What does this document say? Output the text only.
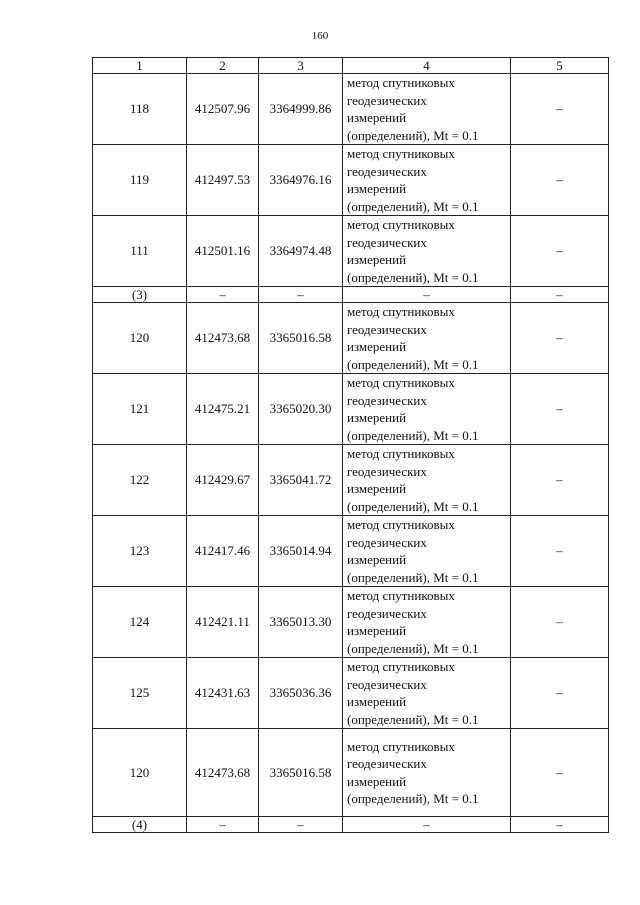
160
1	2	3	4	5
118	412507.96	3364999.86	метод спутниковых
геодезических
измерений
(определений), Mt = 0.1	–
119	412497.53	3364976.16	метод спутниковых
геодезических
измерений
(определений), Mt = 0.1	–
111	412501.16	3364974.48	метод спутниковых
геодезических
измерений
(определений), Mt = 0.1	–
(3)	–	–	–	–
120	412473.68	3365016.58	метод спутниковых
геодезических
измерений
(определений), Mt = 0.1	–
121	412475.21	3365020.30	метод спутниковых
геодезических
измерений
(определений), Mt = 0.1	–
122	412429.67	3365041.72	метод спутниковых
геодезических
измерений
(определений), Mt = 0.1	–
123	412417.46	3365014.94	метод спутниковых
геодезических
измерений
(определений), Mt = 0.1	–
124	412421.11	3365013.30	метод спутниковых
геодезических
измерений
(определений), Mt = 0.1	–
125	412431.63	3365036.36	метод спутниковых
геодезических
измерений
(определений), Mt = 0.1	–
120	412473.68	3365016.58	метод спутниковых
геодезических
измерений
(определений), Mt = 0.1	–
(4)	–	–	–	–
